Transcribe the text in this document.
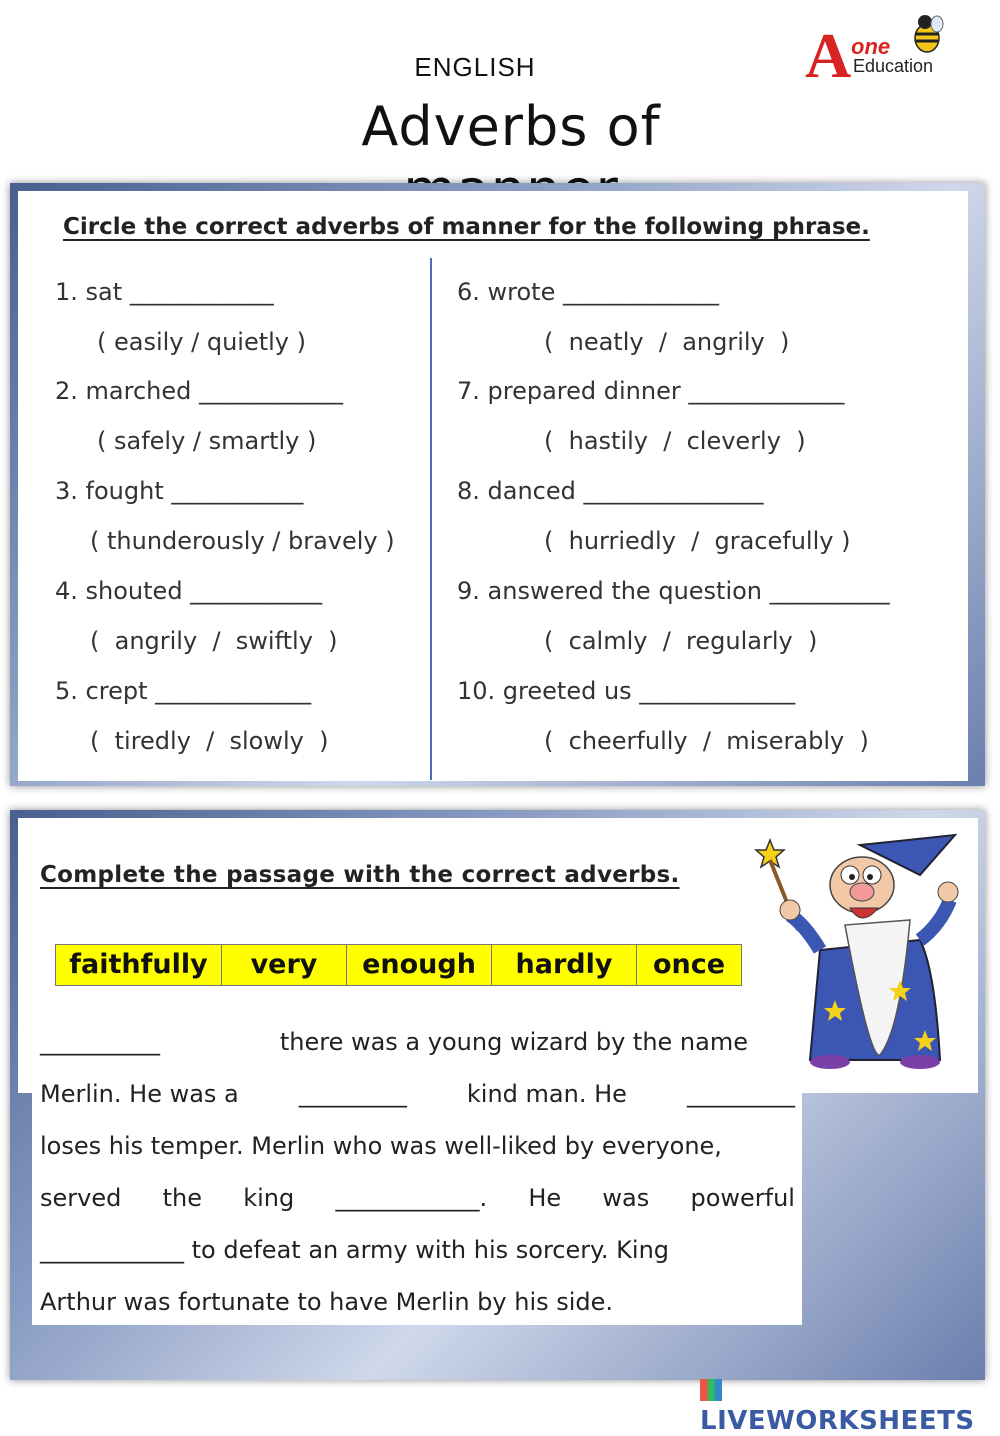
ENGLISH
Adverbs of
A one
Education
Circle the correct adverbs of manner for the following phrase.
1. sat ____________
( easily / quietly )
2. marched ____________
( safely / smartly )
3. fought ___________
( thunderously / bravely )
4. shouted ___________
(  angrily  /  swiftly  )
5. crept _____________
(  tiredly  /  slowly  )
6. wrote _____________
(  neatly  /  angrily  )
7. prepared dinner _____________
(  hastily  /  cleverly  )
8. danced _______________
(  hurriedly  /  gracefully )
9. answered the question __________
(  calmly  /  regularly  )
10. greeted us _____________
(  cheerfully  /  miserably  )
Complete the passage with the correct adverbs.
faithfully	very	enough	hardly	once
__________	there was a young wizard by the name
Merlin. He was a	_________	kind man. He	_________
loses his temper. Merlin who was well-liked by everyone,
served the king ____________. He was powerful
____________ to defeat an army with his sorcery. King
Arthur was fortunate to have Merlin by his side.
LIVEWORKSHEETS
